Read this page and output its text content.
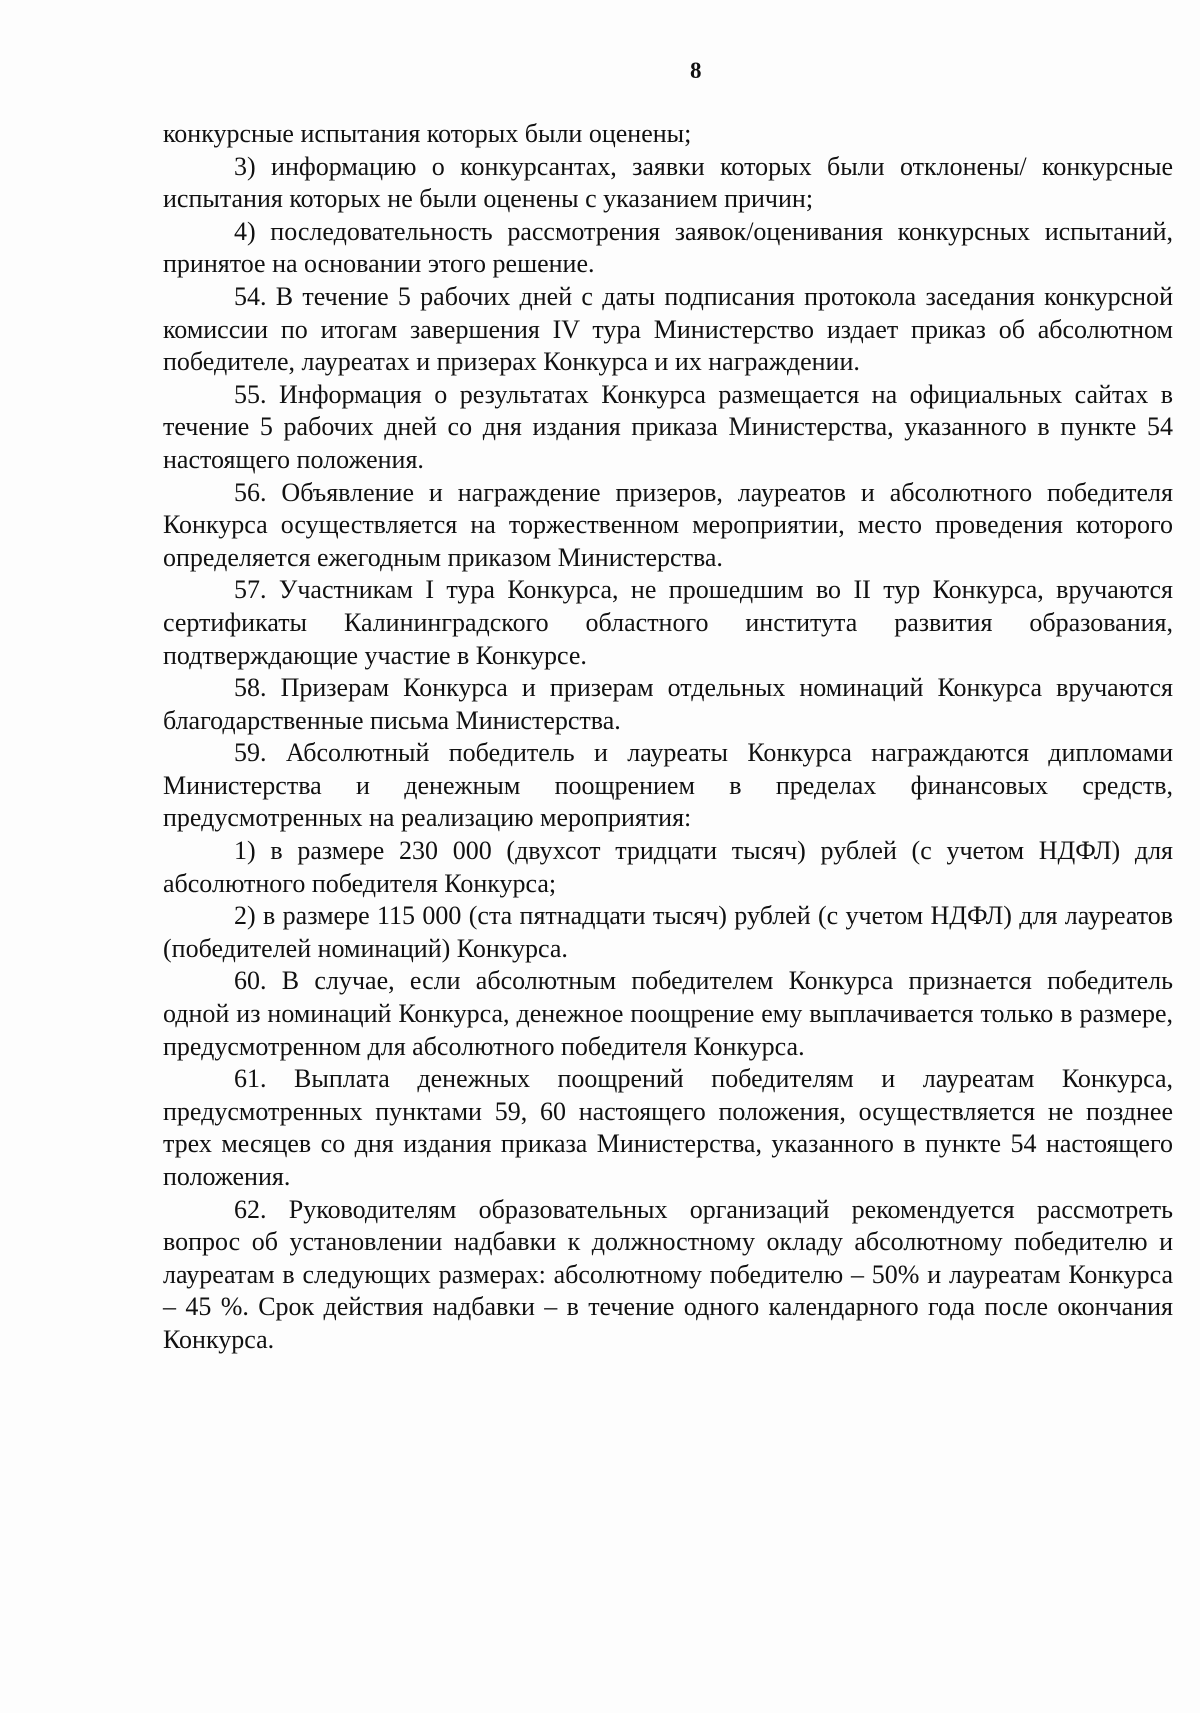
8

конкурсные испытания которых были оценены;

3) информацию о конкурсантах, заявки которых были отклонены/ конкурсные испытания которых не были оценены с указанием причин;

4) последовательность рассмотрения заявок/оценивания конкурсных испытаний, принятое на основании этого решение.

54. В течение 5 рабочих дней с даты подписания протокола заседания конкурсной комиссии по итогам завершения IV тура Министерство издает приказ об абсолютном победителе, лауреатах и призерах Конкурса и их награждении.

55. Информация о результатах Конкурса размещается на официальных сайтах в течение 5 рабочих дней со дня издания приказа Министерства, указанного в пункте 54 настоящего положения.

56. Объявление и награждение призеров, лауреатов и абсолютного победителя Конкурса осуществляется на торжественном мероприятии, место проведения которого определяется ежегодным приказом Министерства.

57. Участникам I тура Конкурса, не прошедшим во II тур Конкурса, вручаются сертификаты Калининградского областного института развития образования, подтверждающие участие в Конкурсе.

58. Призерам Конкурса и призерам отдельных номинаций Конкурса вручаются благодарственные письма Министерства.

59. Абсолютный победитель и лауреаты Конкурса награждаются дипломами Министерства и денежным поощрением в пределах финансовых средств, предусмотренных на реализацию мероприятия:

1) в размере 230 000 (двухсот тридцати тысяч) рублей (с учетом НДФЛ) для абсолютного победителя Конкурса;

2) в размере 115 000 (ста пятнадцати тысяч) рублей (с учетом НДФЛ) для лауреатов (победителей номинаций) Конкурса.

60. В случае, если абсолютным победителем Конкурса признается победитель одной из номинаций Конкурса, денежное поощрение ему выплачивается только в размере, предусмотренном для абсолютного победителя Конкурса.

61. Выплата денежных поощрений победителям и лауреатам Конкурса, предусмотренных пунктами 59, 60 настоящего положения, осуществляется не позднее трех месяцев со дня издания приказа Министерства, указанного в пункте 54 настоящего положения.

62. Руководителям образовательных организаций рекомендуется рассмотреть вопрос об установлении надбавки к должностному окладу абсолютному победителю и лауреатам в следующих размерах: абсолютному победителю – 50% и лауреатам Конкурса – 45 %. Срок действия надбавки – в течение одного календарного года после окончания Конкурса.
